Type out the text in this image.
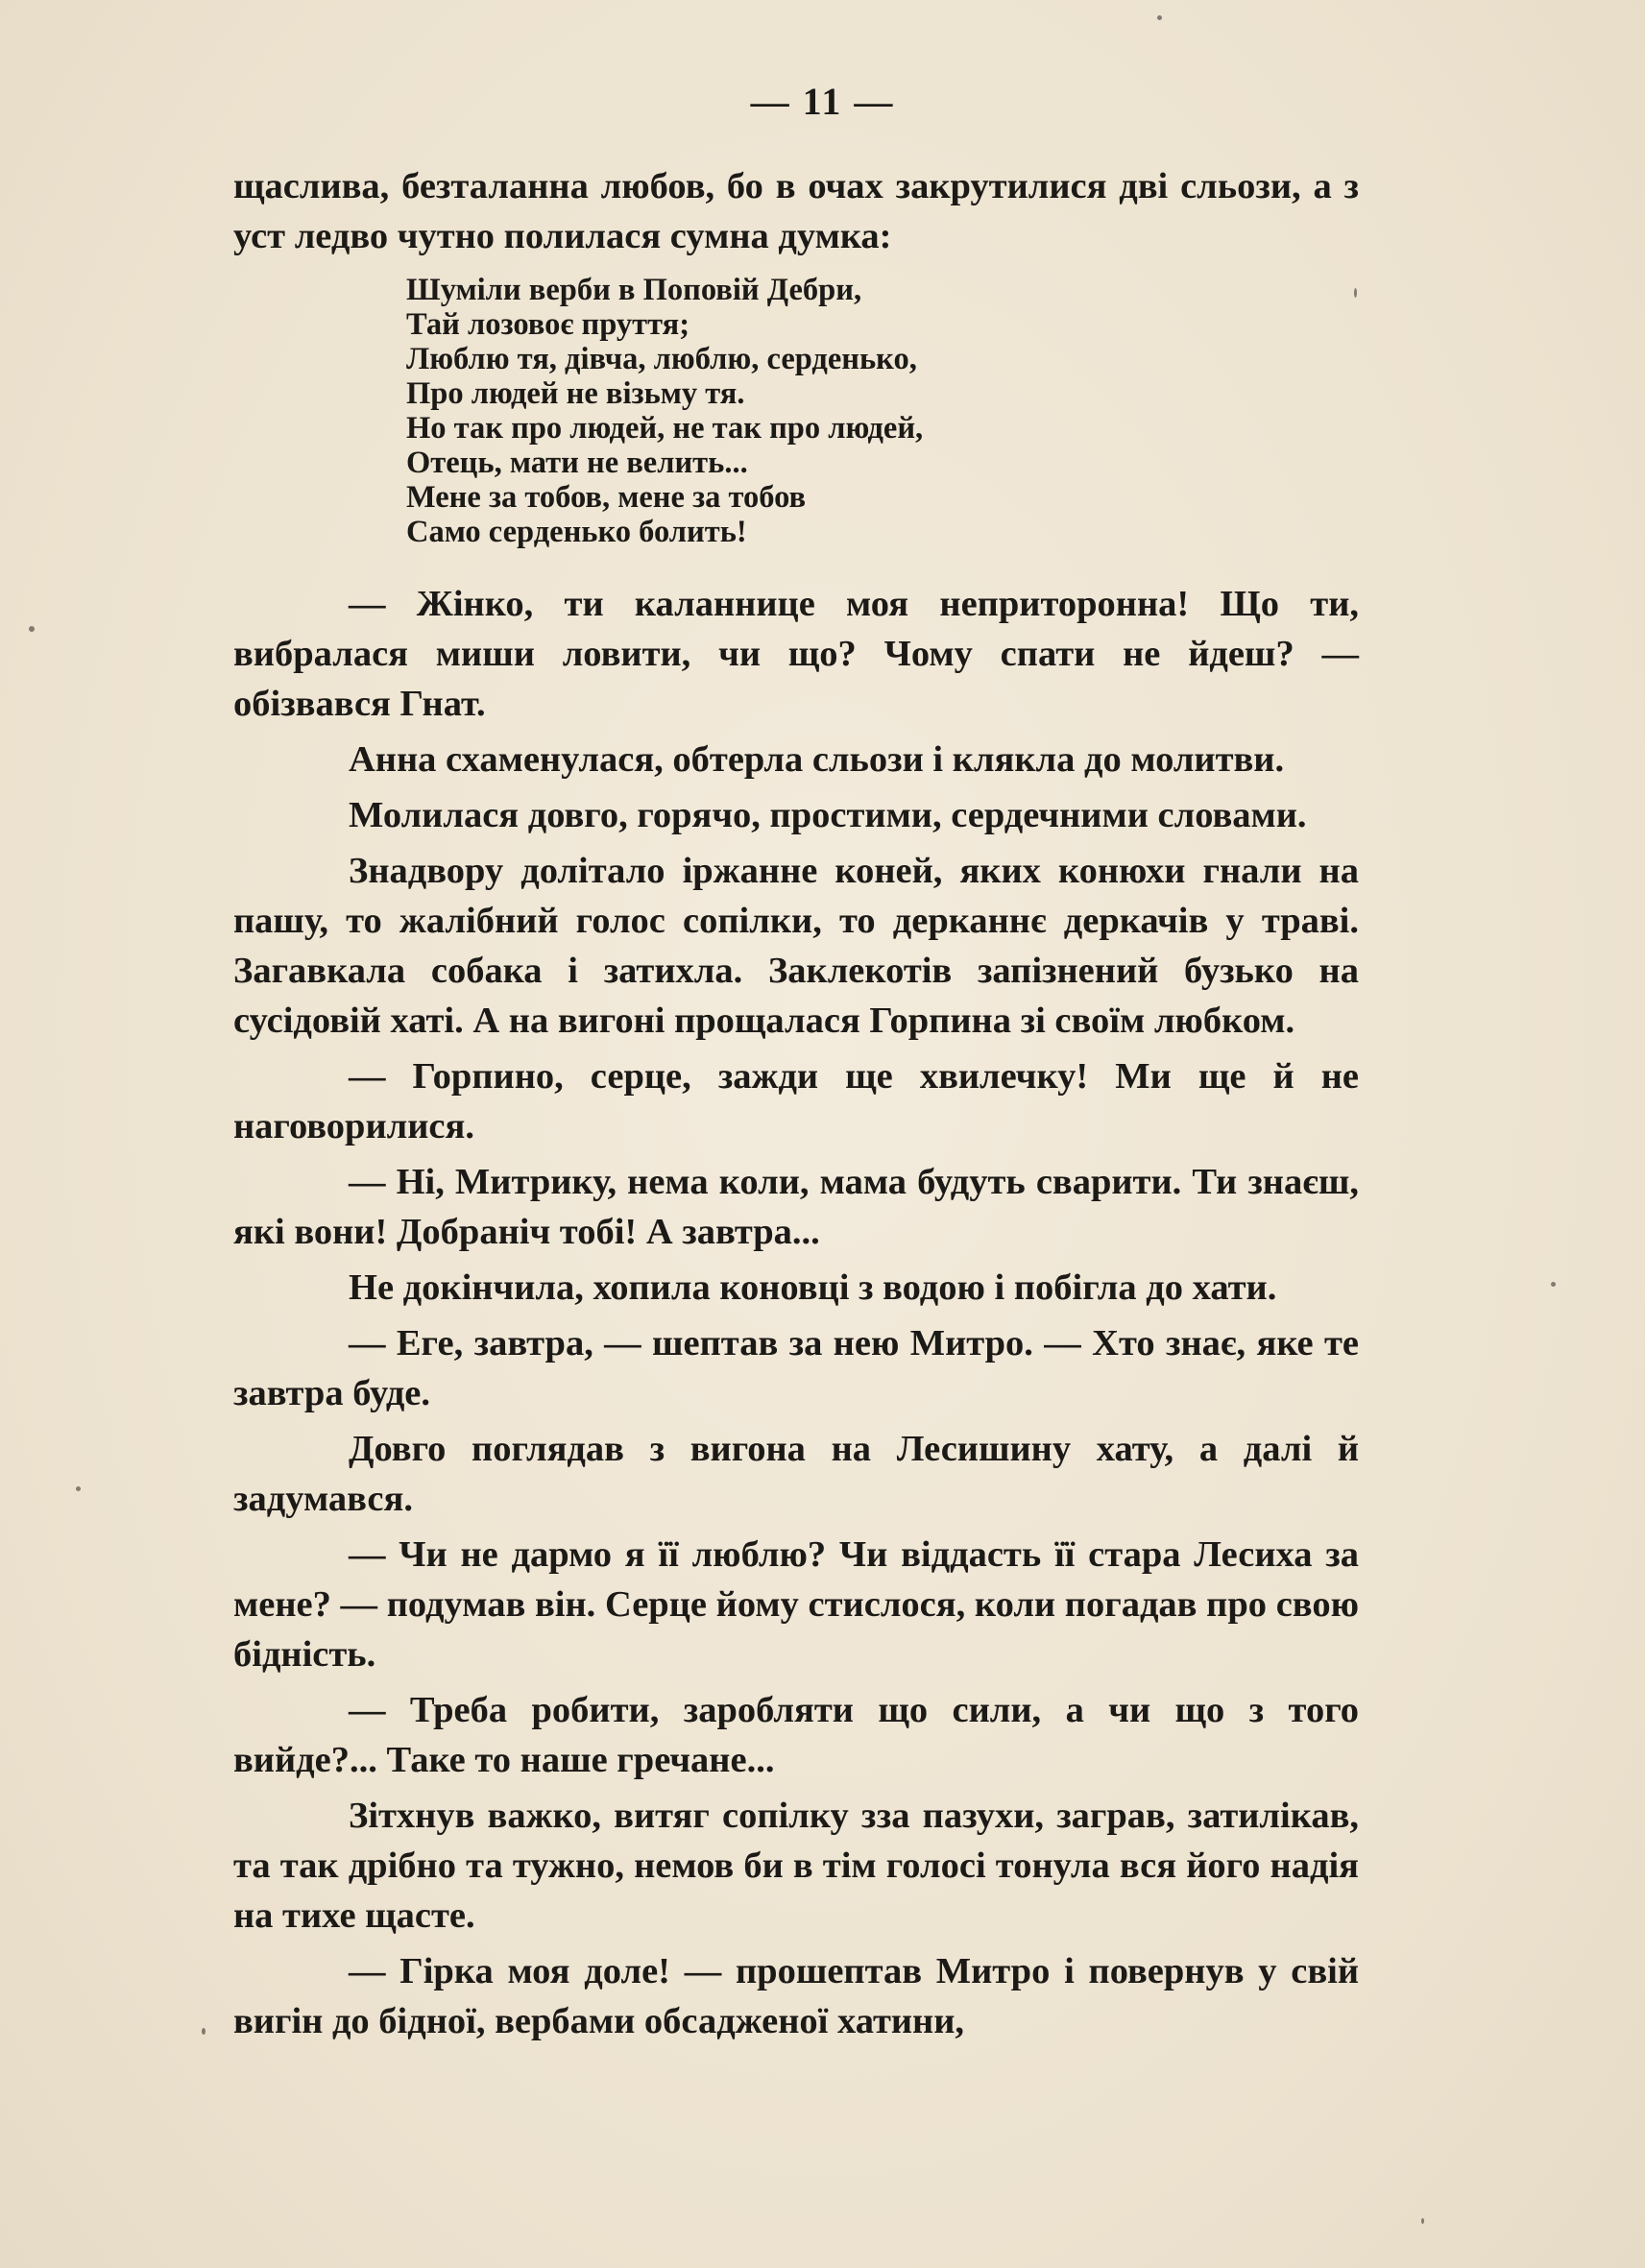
— 11 —

щаслива, безталанна любов, бо в очах закрутилися дві сльози, а з уст ледво чутно полилася сумна думка:

Шуміли верби в Поповій Дебри,
Тай лозовоє пруття;
Люблю тя, дівча, люблю, серденько,
Про людей не візьму тя.
Но так про людей, не так про людей,
Отець, мати не велить...
Мене за тобов, мене за тобов
Само серденько болить!

— Жінко, ти каланнице моя неприторонна! Що ти, вибралася миши ловити, чи що? Чому спати не йдеш? — обізвався Гнат.

Анна схаменулася, обтерла сльози і клякла до молитви.

Молилася довго, горячо, простими, сердечними словами.

Знадвору долітало іржанне коней, яких конюхи гнали на пашу, то жалібний голос сопілки, то дерканнє деркачів у траві. Загавкала собака і затихла. Заклекотів запізнений бузько на сусідовій хаті. А на вигоні прощалася Горпина зі своїм любком.

— Горпино, серце, зажди ще хвилечку! Ми ще й не наговорилися.

— Ні, Митрику, нема коли, мама будуть сварити. Ти знаєш, які вони! Добраніч тобі! А завтра...

Не докінчила, хопила коновці з водою і побігла до хати.

— Еге, завтра, — шептав за нею Митро. — Хто знає, яке те завтра буде.

Довго поглядав з вигона на Лесишину хату, а далі й задумався.

— Чи не дармо я її люблю? Чи віддасть її стара Лесиха за мене? — подумав він. Серце йому стислося, коли погадав про свою бідність.

— Треба робити, заробляти що сили, а чи що з того вийде?... Таке то наше гречане...

Зітхнув важко, витяг сопілку зза пазухи, заграв, затилікав, та так дрібно та тужно, немов би в тім голосі тонула вся його надія на тихе щасте.

— Гірка моя доле! — прошептав Митро і повернув у свій вигін до бідної, вербами обсадженої хатини,
